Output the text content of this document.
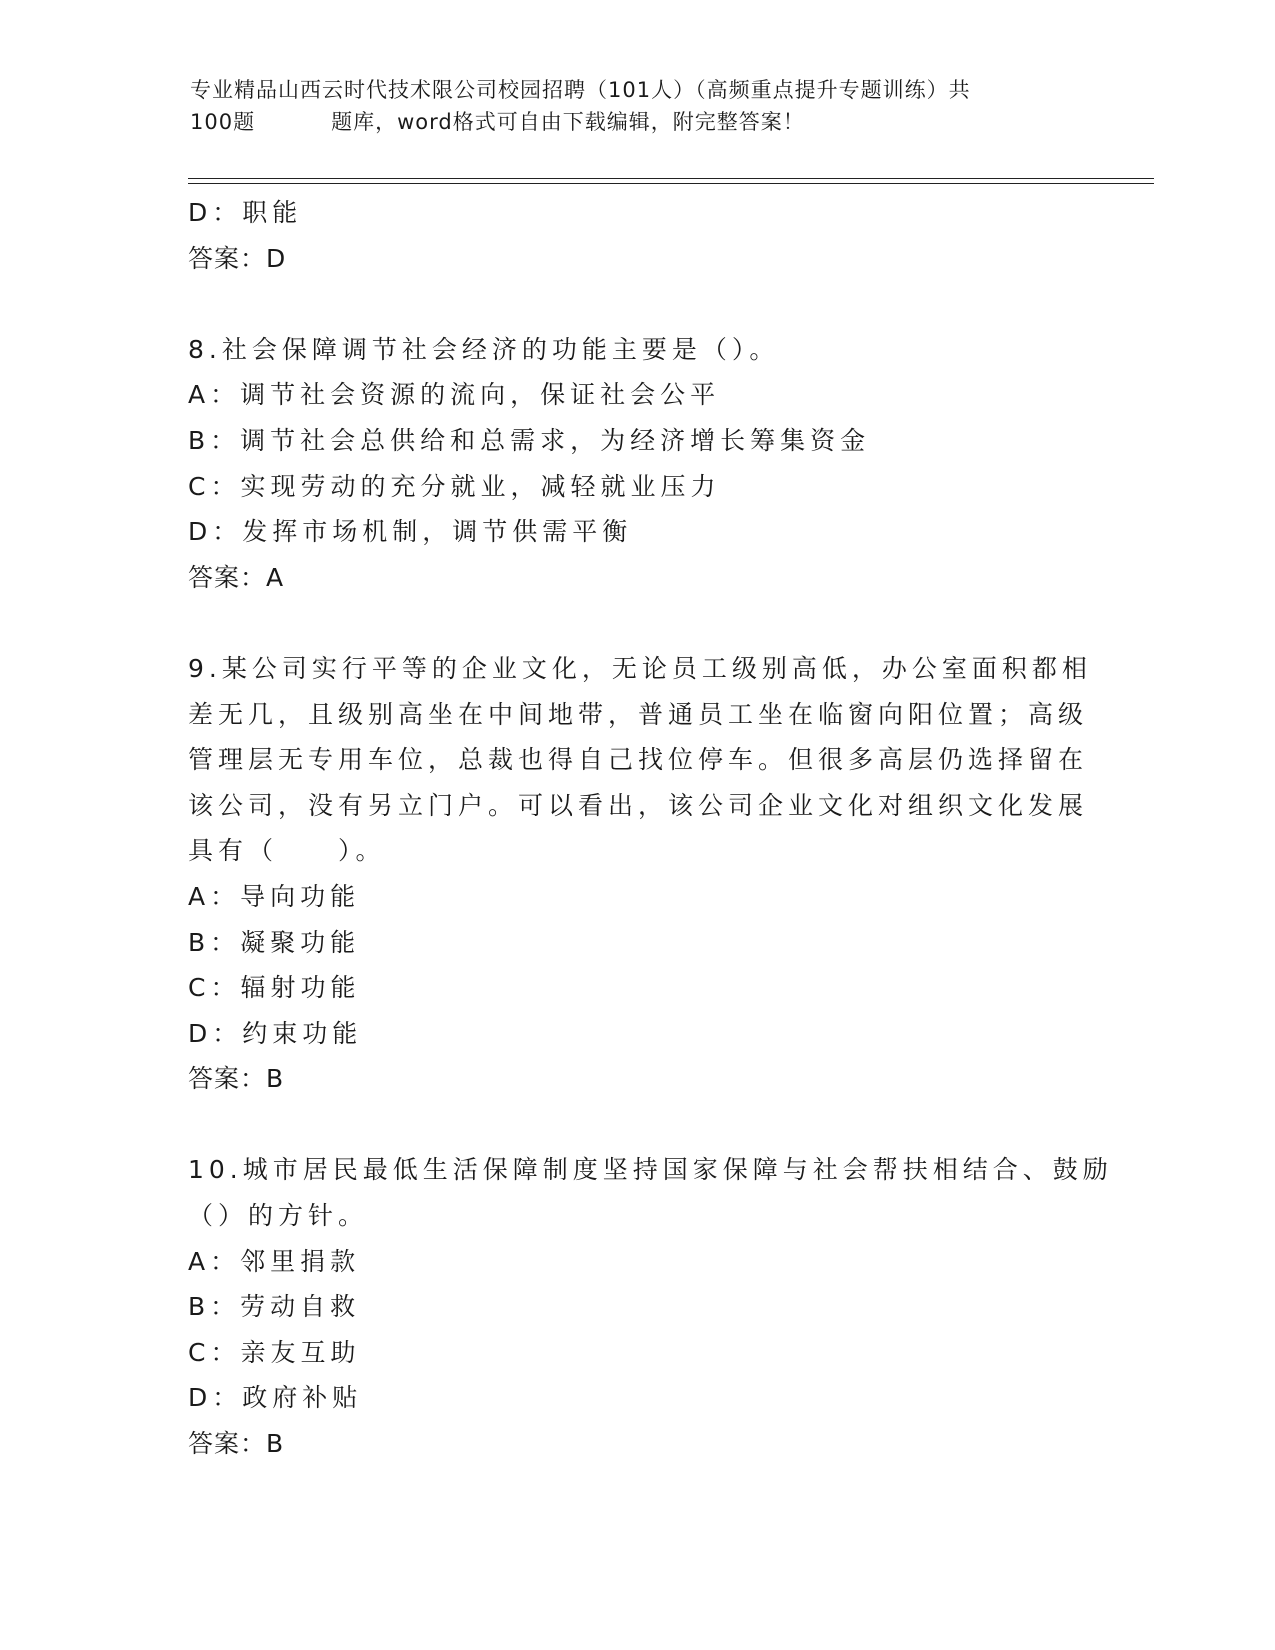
专业精品山西云时代技术限公司校园招聘（101人）（高频重点提升专题训练）共
100题	题库，word格式可自由下载编辑，附完整答案！
D：职能
答案：D
8.社会保障调节社会经济的功能主要是（）。
A：调节社会资源的流向，保证社会公平
B：调节社会总供给和总需求，为经济增长筹集资金
C：实现劳动的充分就业，减轻就业压力
D：发挥市场机制，调节供需平衡
答案：A
9.某公司实行平等的企业文化，无论员工级别高低，办公室面积都相
差无几，且级别高坐在中间地带，普通员工坐在临窗向阳位置；高级
管理层无专用车位，总裁也得自己找位停车。但很多高层仍选择留在
该公司，没有另立门户。可以看出，该公司企业文化对组织文化发展
具有（　　）。
A：导向功能
B：凝聚功能
C：辐射功能
D：约束功能
答案：B
10.城市居民最低生活保障制度坚持国家保障与社会帮扶相结合、鼓励
（）的方针。
A：邻里捐款
B：劳动自救
C：亲友互助
D：政府补贴
答案：B
